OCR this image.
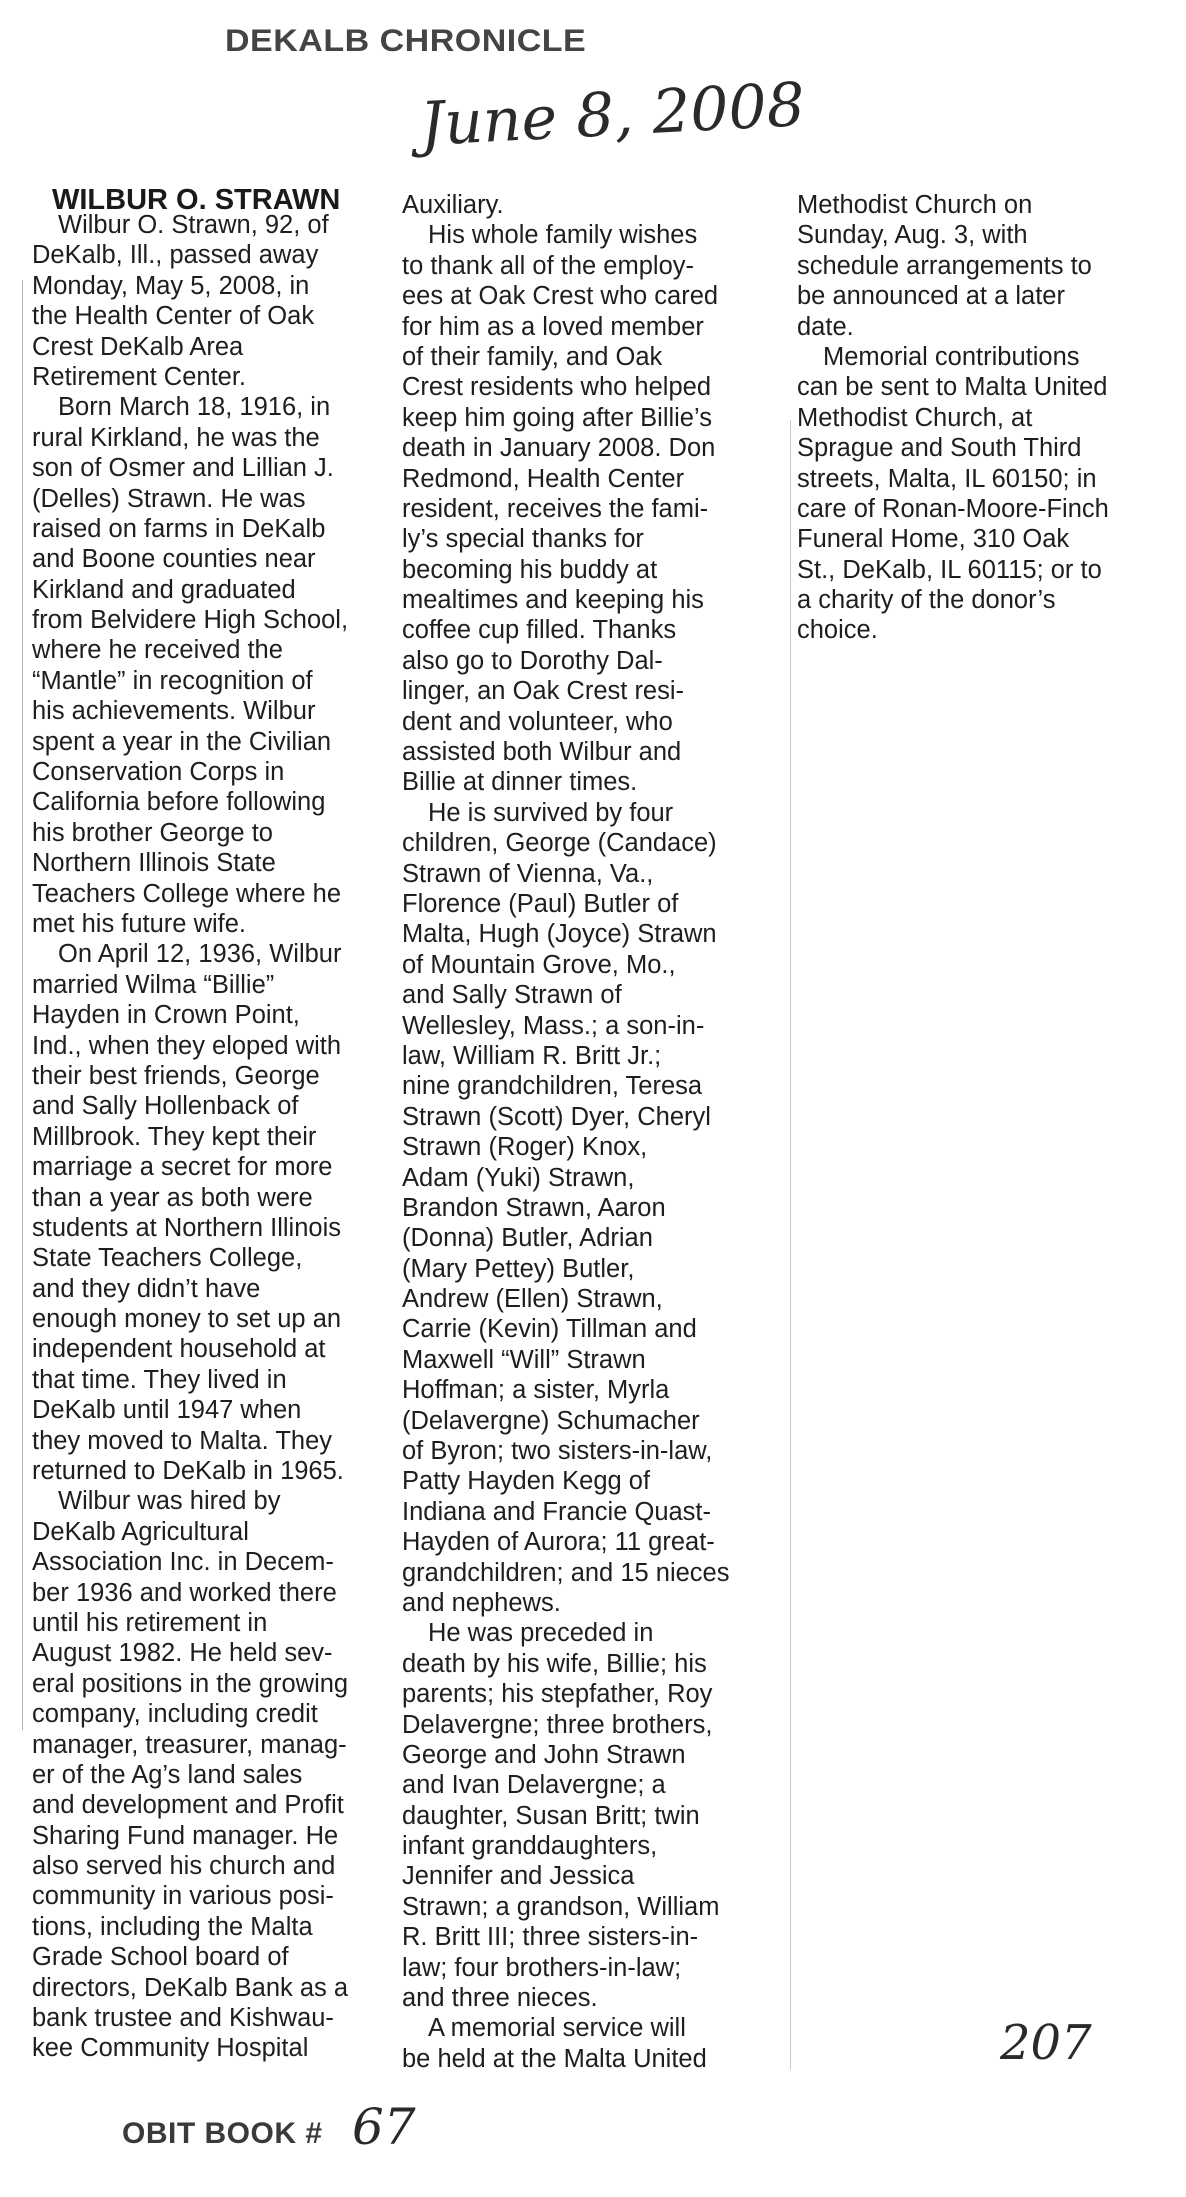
DEKALB CHRONICLE
June 8, 2008
WILBUR O. STRAWN
Wilbur O. Strawn, 92, of
DeKalb, Ill., passed away
Monday, May 5, 2008, in
the Health Center of Oak
Crest DeKalb Area
Retirement Center.
Born March 18, 1916, in
rural Kirkland, he was the
son of Osmer and Lillian J.
(Delles) Strawn. He was
raised on farms in DeKalb
and Boone counties near
Kirkland and graduated
from Belvidere High School,
where he received the
“Mantle” in recognition of
his achievements. Wilbur
spent a year in the Civilian
Conservation Corps in
California before following
his brother George to
Northern Illinois State
Teachers College where he
met his future wife.
On April 12, 1936, Wilbur
married Wilma “Billie”
Hayden in Crown Point,
Ind., when they eloped with
their best friends, George
and Sally Hollenback of
Millbrook. They kept their
marriage a secret for more
than a year as both were
students at Northern Illinois
State Teachers College,
and they didn’t have
enough money to set up an
independent household at
that time. They lived in
DeKalb until 1947 when
they moved to Malta. They
returned to DeKalb in 1965.
Wilbur was hired by
DeKalb Agricultural
Association Inc. in Decem-
ber 1936 and worked there
until his retirement in
August 1982. He held sev-
eral positions in the growing
company, including credit
manager, treasurer, manag-
er of the Ag’s land sales
and development and Profit
Sharing Fund manager. He
also served his church and
community in various posi-
tions, including the Malta
Grade School board of
directors, DeKalb Bank as a
bank trustee and Kishwau-
kee Community Hospital
Auxiliary.
His whole family wishes
to thank all of the employ-
ees at Oak Crest who cared
for him as a loved member
of their family, and Oak
Crest residents who helped
keep him going after Billie’s
death in January 2008. Don
Redmond, Health Center
resident, receives the fami-
ly’s special thanks for
becoming his buddy at
mealtimes and keeping his
coffee cup filled. Thanks
also go to Dorothy Dal-
linger, an Oak Crest resi-
dent and volunteer, who
assisted both Wilbur and
Billie at dinner times.
He is survived by four
children, George (Candace)
Strawn of Vienna, Va.,
Florence (Paul) Butler of
Malta, Hugh (Joyce) Strawn
of Mountain Grove, Mo.,
and Sally Strawn of
Wellesley, Mass.; a son-in-
law, William R. Britt Jr.;
nine grandchildren, Teresa
Strawn (Scott) Dyer, Cheryl
Strawn (Roger) Knox,
Adam (Yuki) Strawn,
Brandon Strawn, Aaron
(Donna) Butler, Adrian
(Mary Pettey) Butler,
Andrew (Ellen) Strawn,
Carrie (Kevin) Tillman and
Maxwell “Will” Strawn
Hoffman; a sister, Myrla
(Delavergne) Schumacher
of Byron; two sisters-in-law,
Patty Hayden Kegg of
Indiana and Francie Quast-
Hayden of Aurora; 11 great-
grandchildren; and 15 nieces
and nephews.
He was preceded in
death by his wife, Billie; his
parents; his stepfather, Roy
Delavergne; three brothers,
George and John Strawn
and Ivan Delavergne; a
daughter, Susan Britt; twin
infant granddaughters,
Jennifer and Jessica
Strawn; a grandson, William
R. Britt III; three sisters-in-
law; four brothers-in-law;
and three nieces.
A memorial service will
be held at the Malta United
Methodist Church on
Sunday, Aug. 3, with
schedule arrangements to
be announced at a later
date.
Memorial contributions
can be sent to Malta United
Methodist Church, at
Sprague and South Third
streets, Malta, IL 60150; in
care of Ronan-Moore-Finch
Funeral Home, 310 Oak
St., DeKalb, IL 60115; or to
a charity of the donor’s
choice.
OBIT BOOK # 67
207
